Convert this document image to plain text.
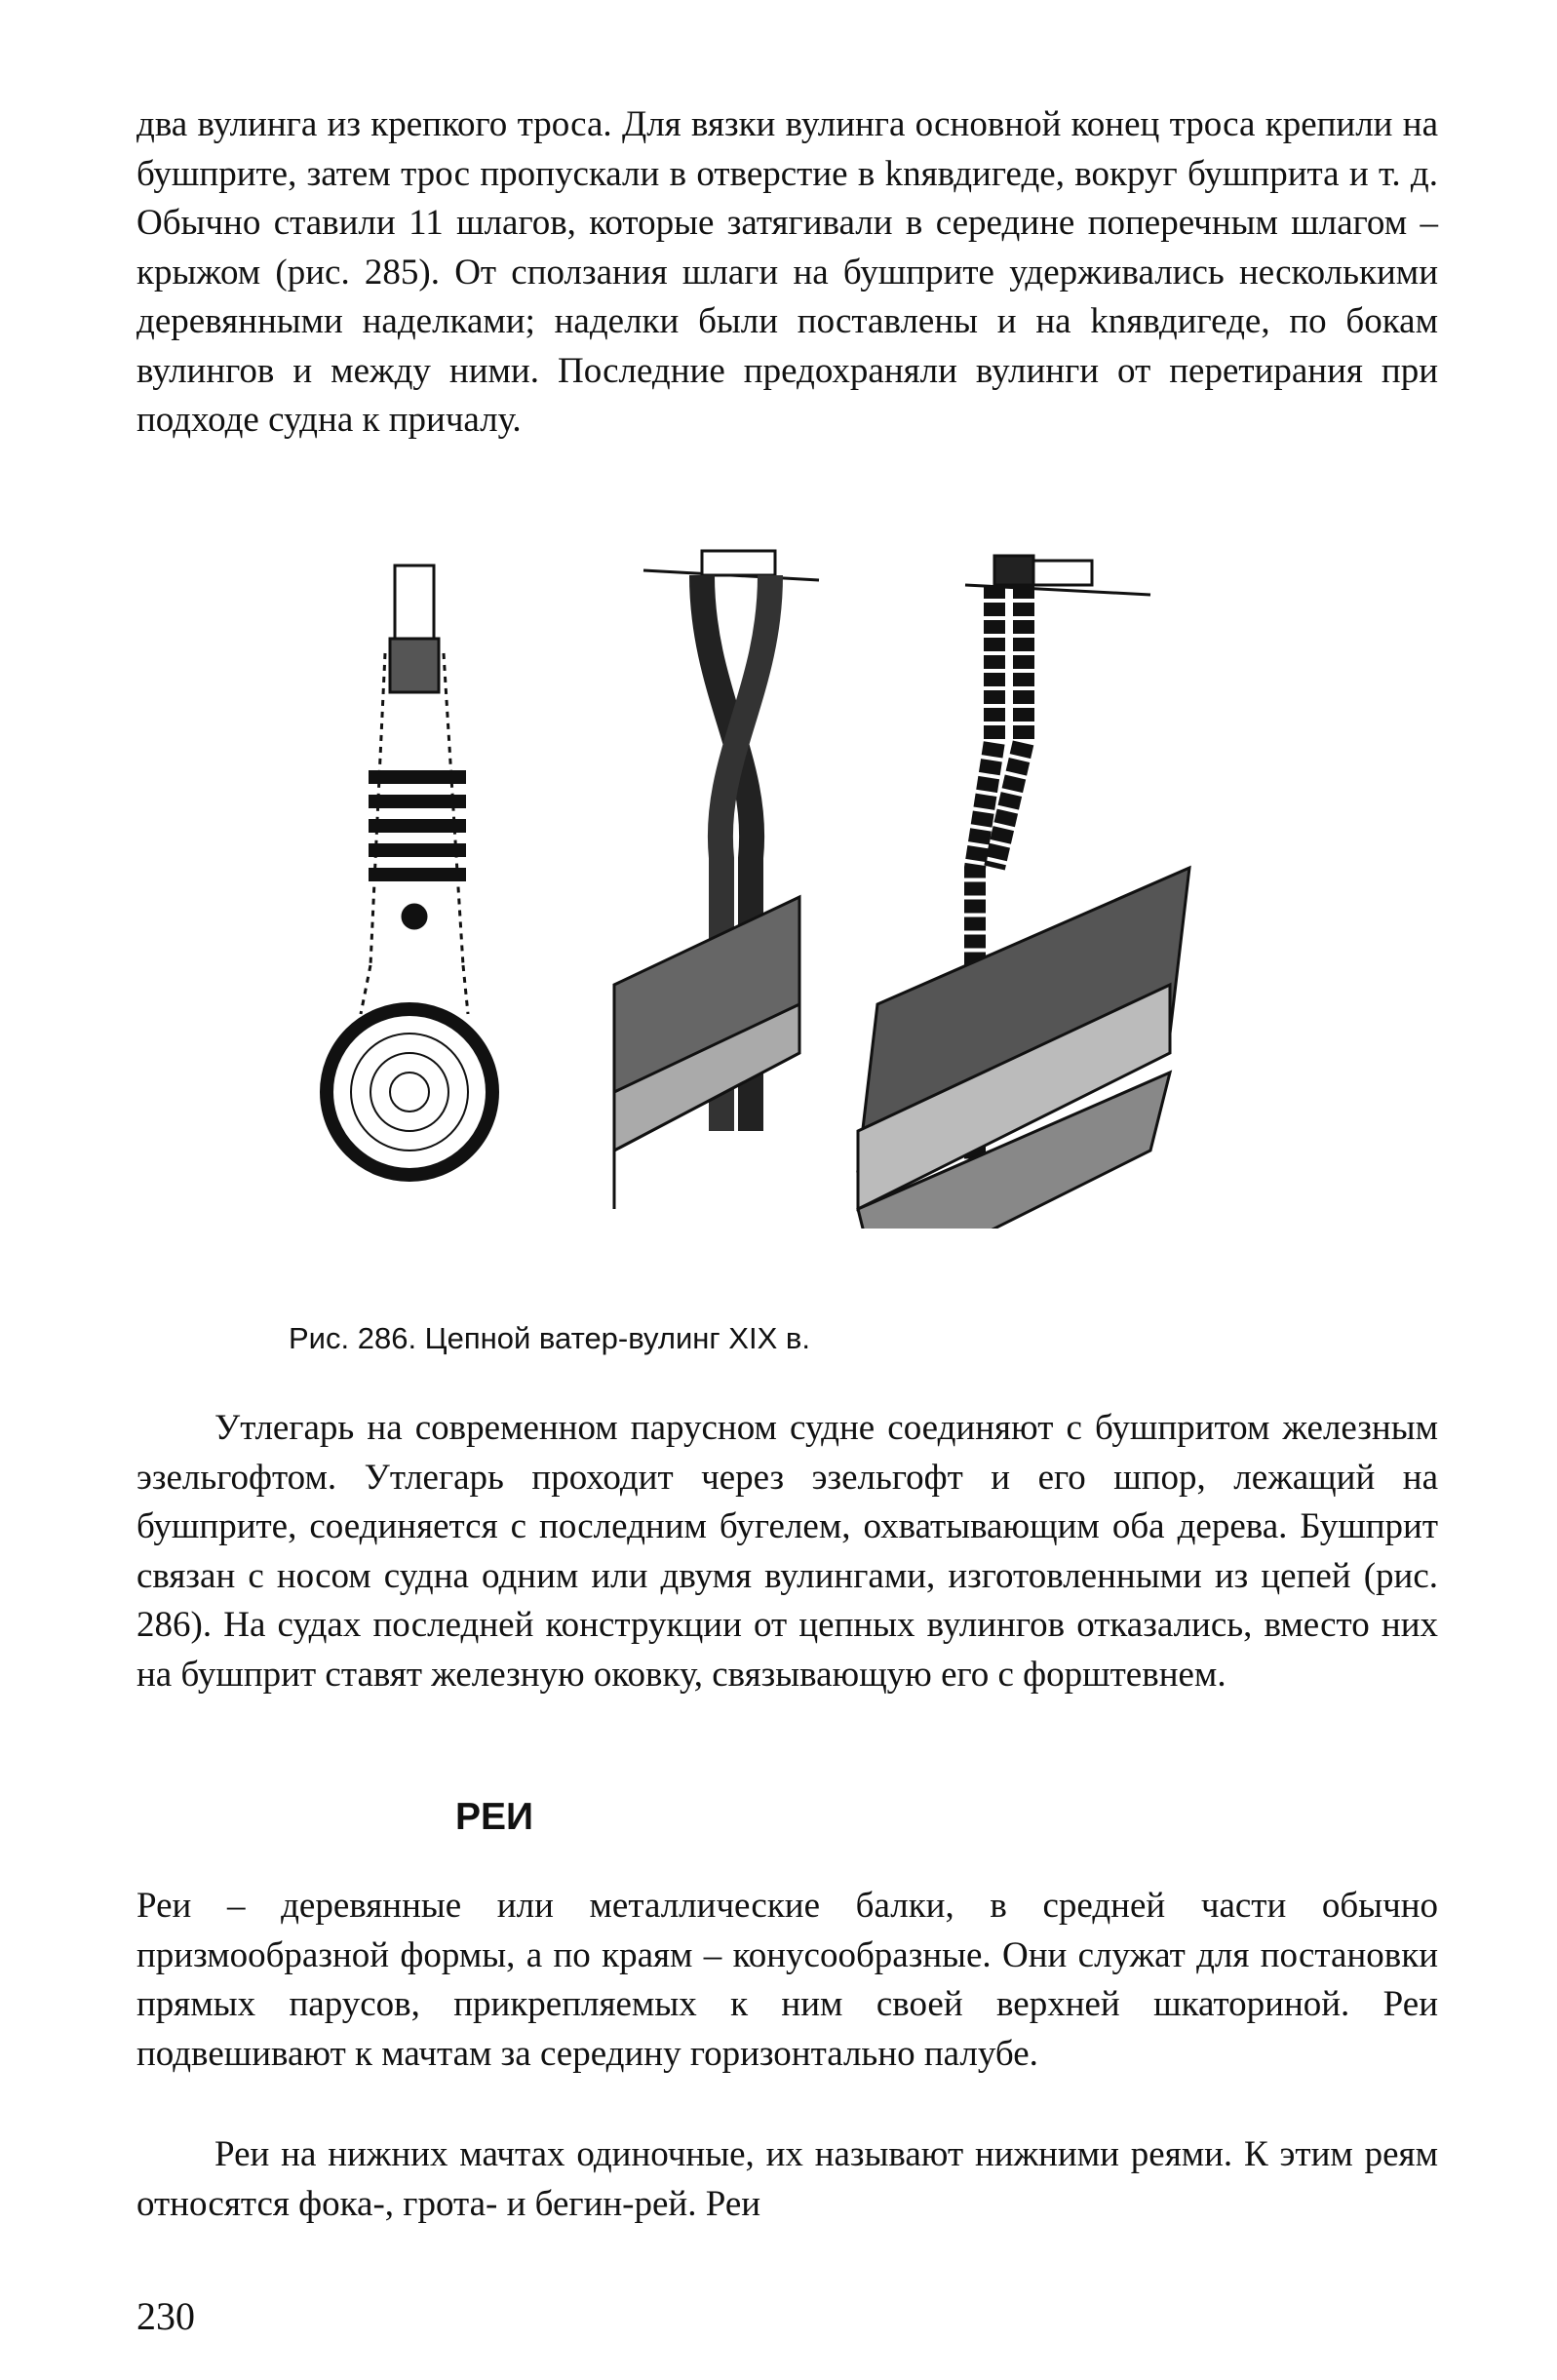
два вулинга из крепкого троса. Для вязки вулинга основной конец троса крепили на бушприте, затем трос пропускали в отверстие в knявдигеде, вокруг бушприта и т. д. Обычно ставили 11 шлагов, которые затягивали в середине поперечным шлагом – крыжом (рис. 285). От сползания шлаги на бушприте удерживались несколькими деревянными наделками; наделки были поставлены и на knявдигеде, по бокам вулингов и между ними. Последние предохраняли вулинги от перетирания при подходе судна к причалу.

Рис. 286. Цепной ватер-вулинг XIX в.

Утлегарь на современном парусном судне соединяют с бушпритом железным эзельгофтом. Утлегарь проходит через эзельгофт и его шпор, лежащий на бушприте, соединяется с последним бугелем, охватывающим оба дерева. Бушприт связан с носом судна одним или двумя вулингами, изготовленными из цепей (рис. 286). На судах последней конструкции от цепных вулингов отказались, вместо них на бушприт ставят железную оковку, связывающую его с форштевнем.

РЕИ

Реи – деревянные или металлические балки, в средней части обычно призмообразной формы, а по краям – конусообразные. Они служат для постановки прямых парусов, прикрепляемых к ним своей верхней шкаториной. Реи подвешивают к мачтам за середину горизонтально палубе.

Реи на нижних мачтах одиночные, их называют нижними реями. К этим реям относятся фока-, грота- и бегин-рей. Реи

230
